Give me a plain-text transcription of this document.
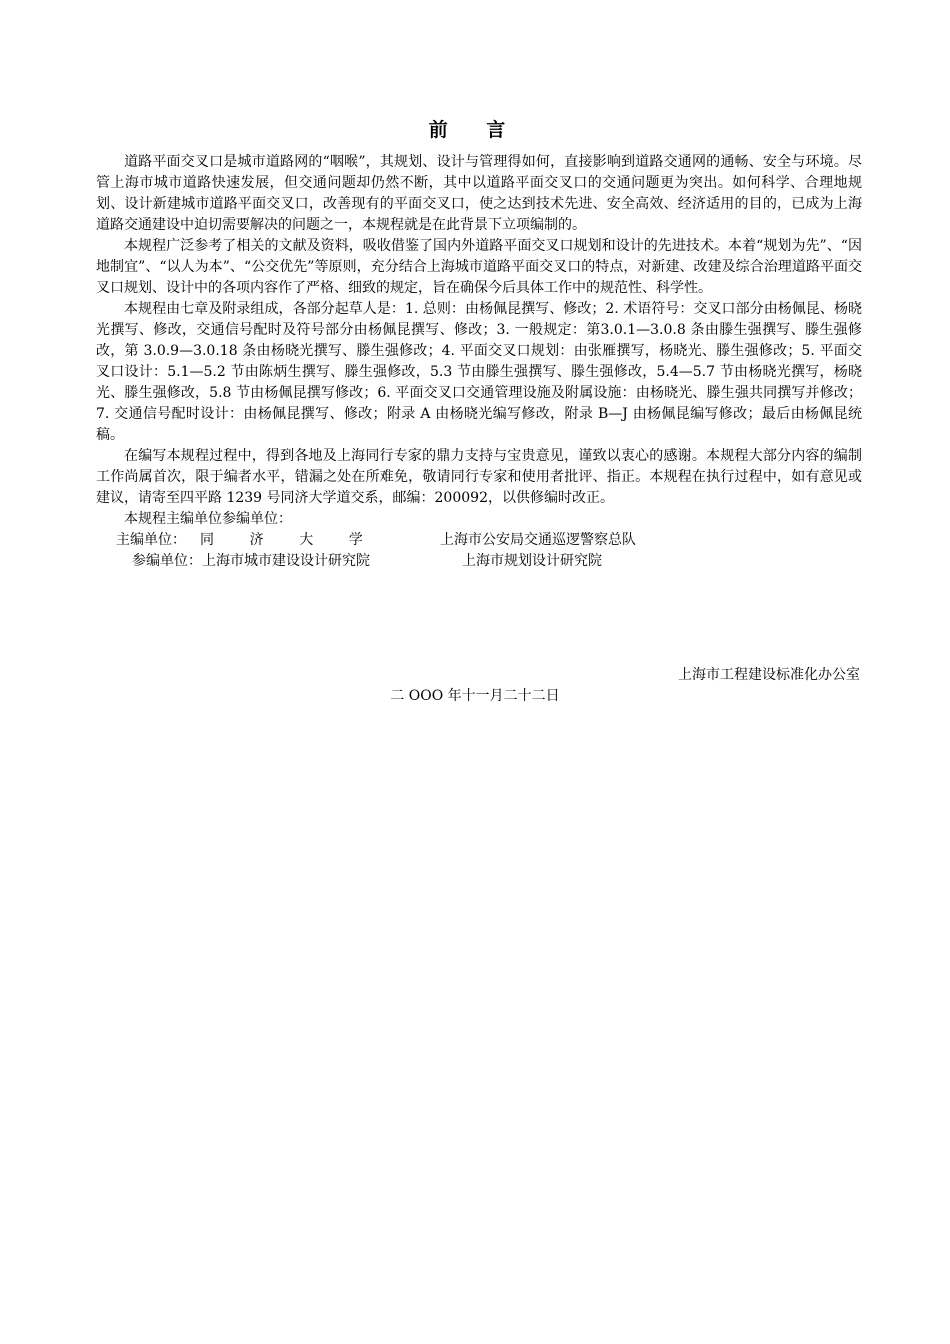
前 言

道路平面交叉口是城市道路网的“咽喉”，其规划、设计与管理得如何，直接影响到道路交通网的通畅、安全与环境。尽管上海市城市道路快速发展，但交通问题却仍然不断，其中以道路平面交叉口的交通问题更为突出。如何科学、合理地规划、设计新建城市道路平面交叉口，改善现有的平面交叉口，使之达到技术先进、安全高效、经济适用的目的，已成为上海道路交通建设中迫切需要解决的问题之一，本规程就是在此背景下立项编制的。

本规程广泛参考了相关的文献及资料，吸收借鉴了国内外道路平面交叉口规划和设计的先进技术。本着“规划为先”、“因地制宜”、“以人为本”、“公交优先”等原则，充分结合上海城市道路平面交叉口的特点，对新建、改建及综合治理道路平面交叉口规划、设计中的各项内容作了严格、细致的规定，旨在确保今后具体工作中的规范性、科学性。

本规程由七章及附录组成，各部分起草人是：1. 总则：由杨佩昆撰写、修改；2. 术语符号：交叉口部分由杨佩昆、杨晓光撰写、修改，交通信号配时及符号部分由杨佩昆撰写、修改；3. 一般规定：第3.0.1—3.0.8 条由滕生强撰写、滕生强修改，第 3.0.9—3.0.18 条由杨晓光撰写、滕生强修改；4. 平面交叉口规划：由张雁撰写，杨晓光、滕生强修改；5. 平面交叉口设计：5.1—5.2 节由陈炳生撰写、滕生强修改，5.3 节由滕生强撰写、滕生强修改，5.4—5.7 节由杨晓光撰写，杨晓光、滕生强修改，5.8 节由杨佩昆撰写修改；6. 平面交叉口交通管理设施及附属设施：由杨晓光、滕生强共同撰写并修改；7. 交通信号配时设计：由杨佩昆撰写、修改；附录 A 由杨晓光编写修改，附录 B—J 由杨佩昆编写修改；最后由杨佩昆统稿。

在编写本规程过程中，得到各地及上海同行专家的鼎力支持与宝贵意见，谨致以衷心的感谢。本规程大部分内容的编制工作尚属首次，限于编者水平，错漏之处在所难免，敬请同行专家和使用者批评、指正。本规程在执行过程中，如有意见或建议，请寄至四平路 1239 号同济大学道交系，邮编：200092，以供修编时改正。

本规程主编单位参编单位：

主编单位： 同        济        大        学	上海市公安局交通巡逻警察总队
参编单位：上海市城市建设设计研究院	上海市规划设计研究院
上海市工程建设标准化办公室
二 OOO 年十一月二十二日
